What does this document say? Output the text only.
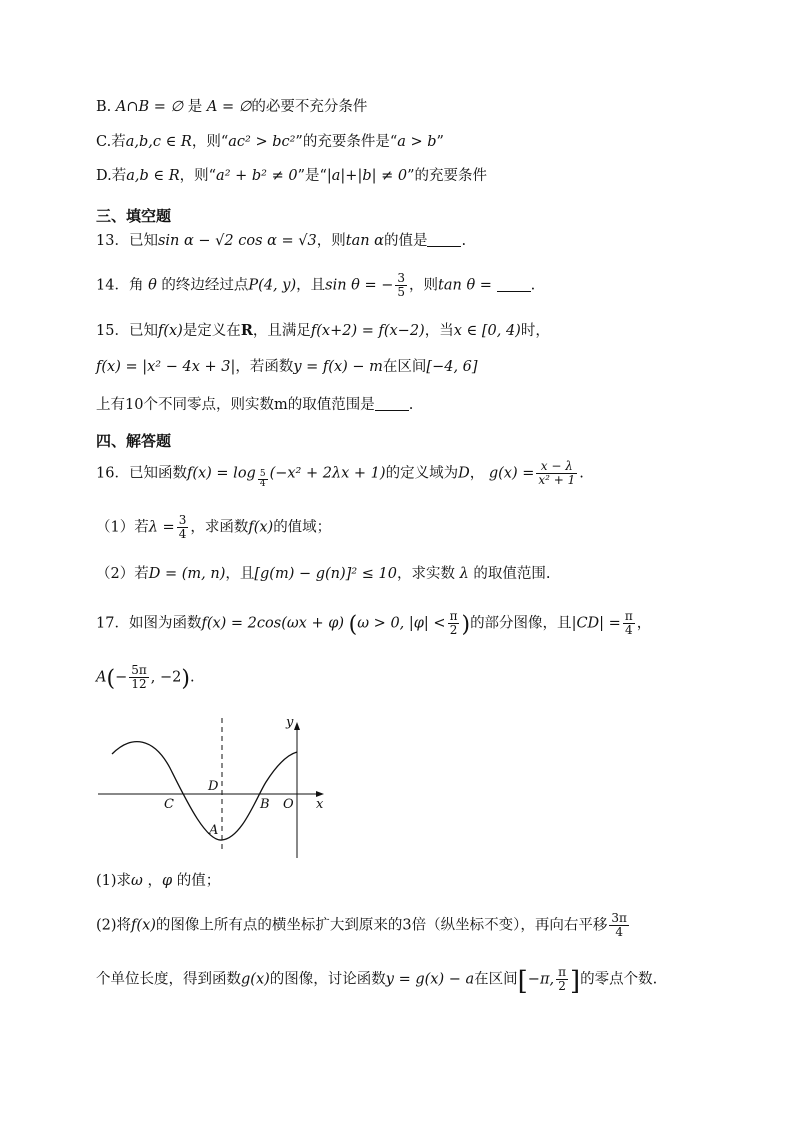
B. A∩B = ∅ 是 A = ∅的必要不充分条件
C.若a,b,c ∈ R，则“ac² > bc²”的充要条件是“a > b”
D.若a,b ∈ R，则“a² + b² ≠ 0”是“|a|+|b| ≠ 0”的充要条件
三、填空题
13．已知sin α − √2 cos α = √3，则tan α的值是 .
14．角 θ 的终边经过点P(4, y)，且sin θ = − $\frac{3}{5}$ ，则tan θ =	.
15．已知f(x)是定义在R，且满足f(x+2) = f(x−2)，当x ∈ [0, 4)时，
f(x) = |x² − 4x + 3|，若函数y = f(x) − m在区间[−4, 6]
上有10个不同零点，则实数m的取值范围是 .
四、解答题
16．已知函数$f(x) = \log \frac{5}{4} (-x^2 + 2\lambda x + 1)$的定义域为D， $g(x) = \frac{x - \lambda}{\text{x² + 1}}$ .
（1）若$\lambda = \frac{3}{4}$ ，求函数f(x)的值域；
（2）若D = (m, n)，且[g(m) − g(n)]² ≤ 10，求实数 λ 的取值范围.
17．如图为函数f(x) = 2cos(ωx + φ) (ω > 0, $|\varphi| < \frac{\pi}{2}$ )的部分图像，且$|CD| = \frac{\pi}{4}$ ，
$A(- \frac{5\pi}{12}$ , −2).
y
x
O
B
C
D
A
(1)求ω ，φ 的值；
(2)将f(x)的图像上所有点的横坐标扩大到原来的3倍（纵坐标不变），再向右平移 $\frac{3\pi}{4}$
个单位长度，得到函数g(x)的图像，讨论函数y = g(x) − a在区间[−π, $\frac{\pi}{2}$ ]的零点个数.
